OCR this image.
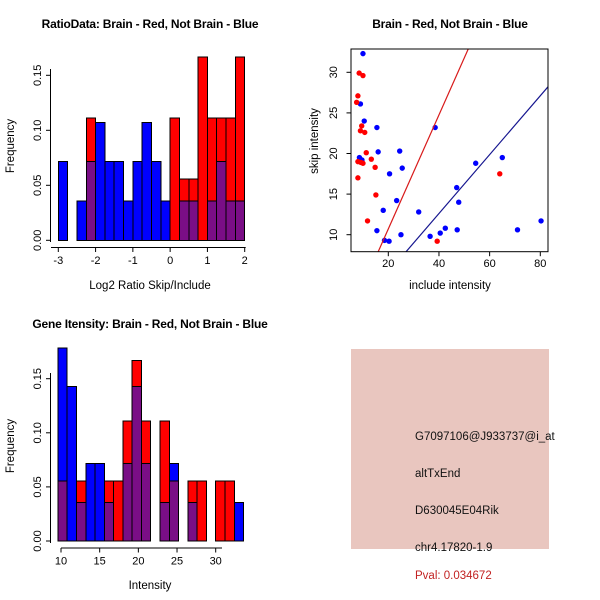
-3 -2 -1	0	1	2
0.00
0.05
0.10
0.15
RatioData: Brain - Red, Not Brain - Blue
Frequency
Log2 Ratio Skip/Include
20	40	60	80
10
15
20
25
30
Brain - Red, Not Brain - Blue
skip intensity
include intensity
10 15 20 25 30
0.00
0.05
0.10
0.15
Gene Itensity: Brain - Red, Not Brain - Blue
Frequency
Intensity
G7097106@J933737@i_at
altTxEnd
D630045E04Rik
chr4.17820-1.9
Pval: 0.034672
